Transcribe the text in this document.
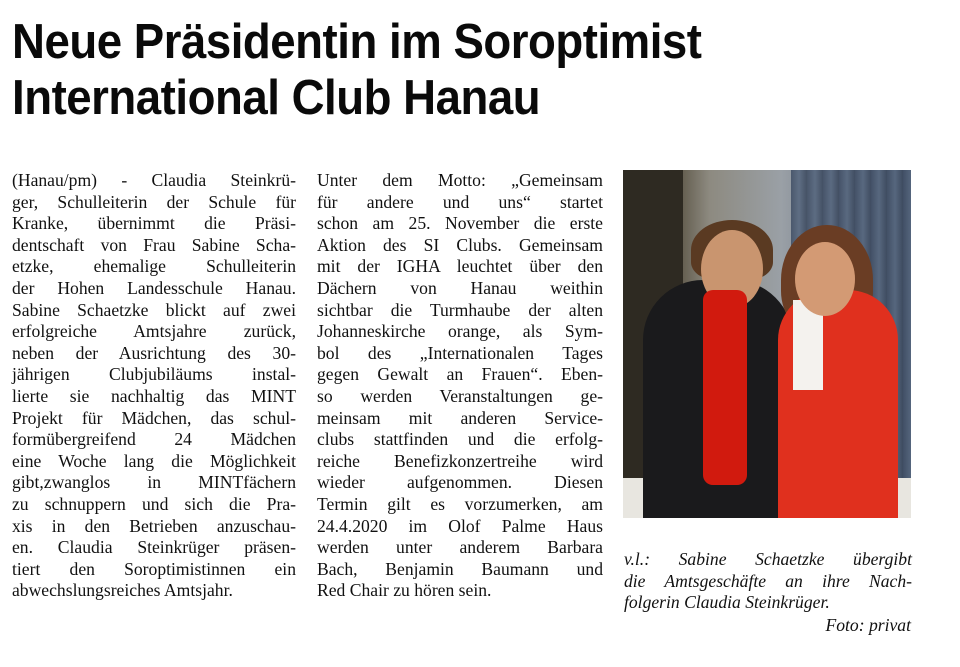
Neue Präsidentin im Soroptimist
International Club Hanau
(Hanau/pm) - Claudia Steinkrü-
ger, Schulleiterin der Schule für
Kranke, übernimmt die Präsi-
dentschaft von Frau Sabine Scha-
etzke, ehemalige Schulleiterin
der Hohen Landesschule Hanau.
Sabine Schaetzke blickt auf zwei
erfolgreiche Amtsjahre zurück,
neben der Ausrichtung des 30-
jährigen Clubjubiläums instal-
lierte sie nachhaltig das MINT
Projekt für Mädchen, das schul-
formübergreifend 24 Mädchen
eine Woche lang die Möglichkeit
gibt,zwanglos in MINTfächern
zu schnuppern und sich die Pra-
xis in den Betrieben anzuschau-
en. Claudia Steinkrüger präsen-
tiert den Soroptimistinnen ein
abwechslungsreiches Amtsjahr.
Unter dem Motto: „Gemeinsam
für andere und uns“ startet
schon am 25. November die erste
Aktion des SI Clubs. Gemeinsam
mit der IGHA leuchtet über den
Dächern von Hanau weithin
sichtbar die Turmhaube der alten
Johanneskirche orange, als Sym-
bol des „Internationalen Tages
gegen Gewalt an Frauen“. Eben-
so werden Veranstaltungen ge-
meinsam mit anderen Service-
clubs stattfinden und die erfolg-
reiche Benefizkonzertreihe wird
wieder aufgenommen. Diesen
Termin gilt es vorzumerken, am
24.4.2020 im Olof Palme Haus
werden unter anderem Barbara
Bach, Benjamin Baumann und
Red Chair zu hören sein.
v.l.: Sabine Schaetzke übergibt
die Amtsgeschäfte an ihre Nach-
folgerin Claudia Steinkrüger.
Foto: privat
